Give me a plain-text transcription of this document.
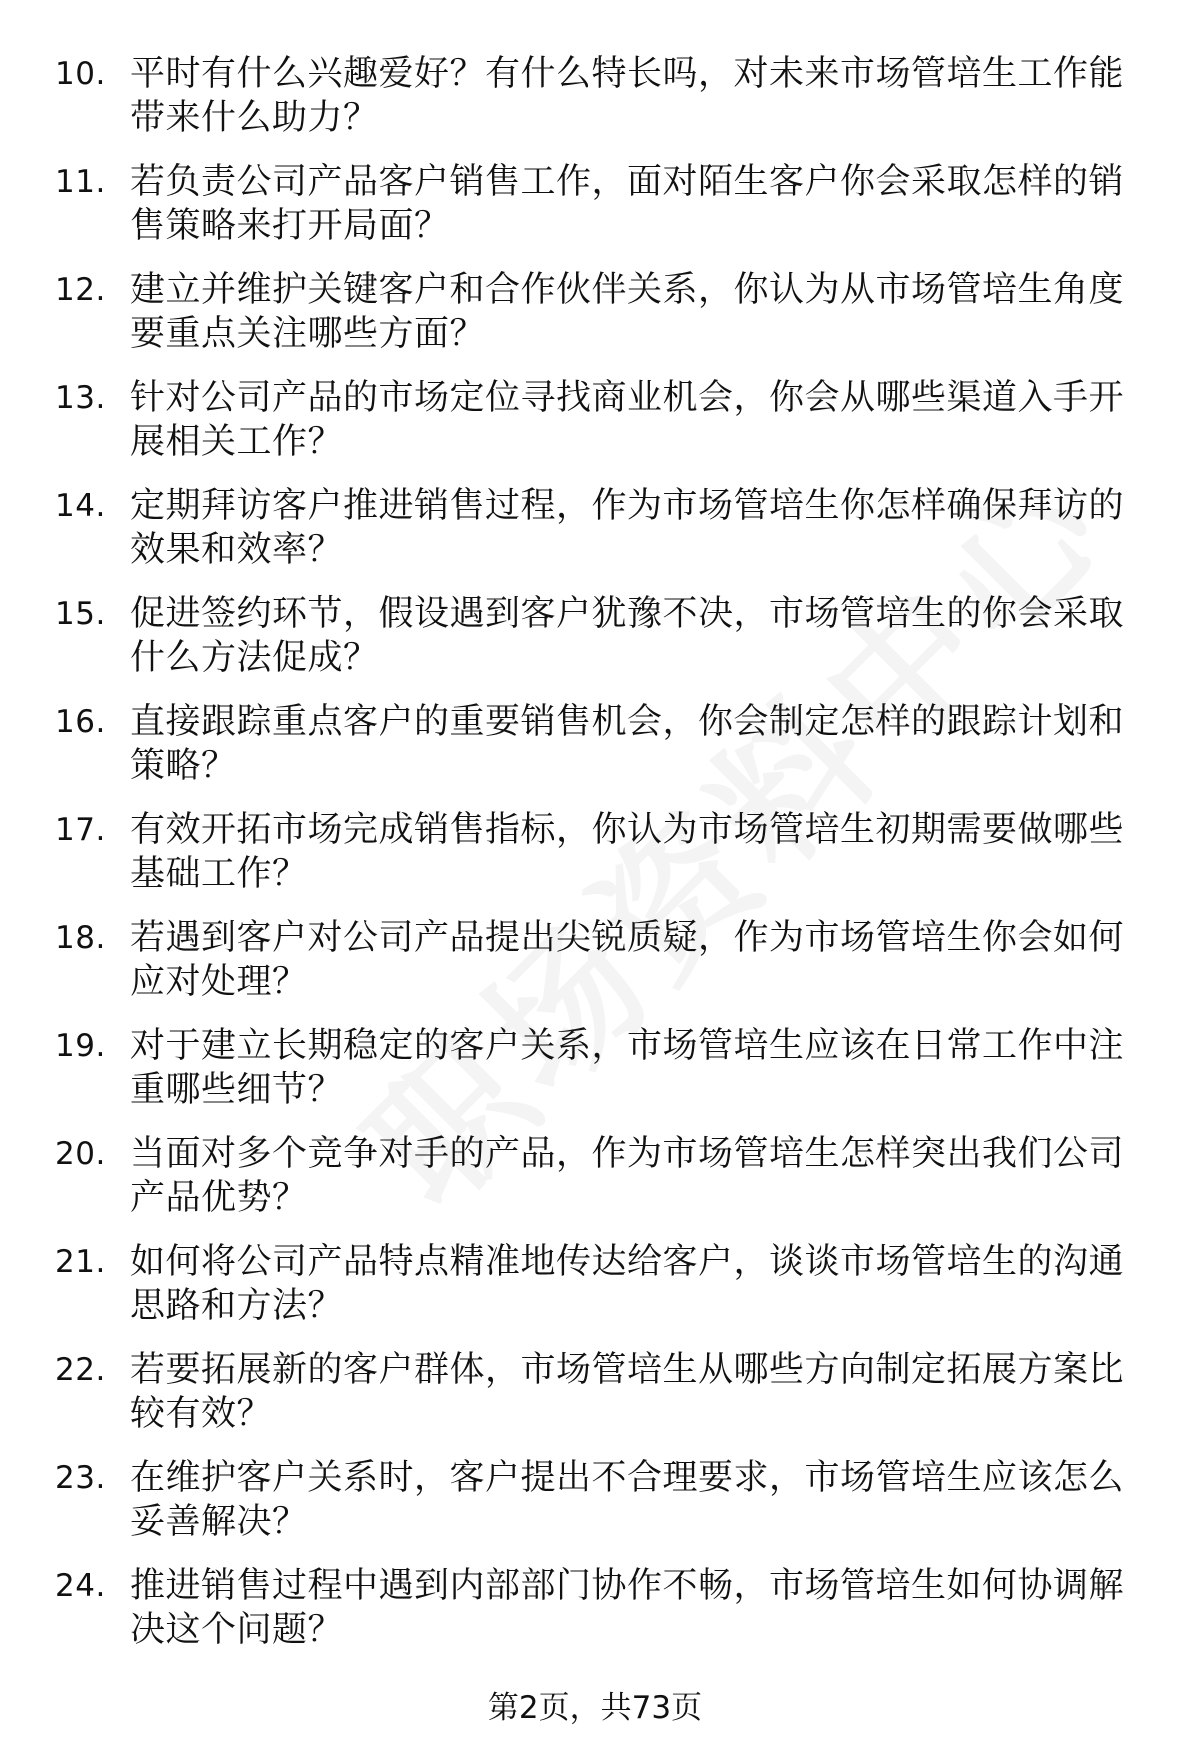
10. 平时有什么兴趣爱好？有什么特长吗，对未来市场管培生工作能带来什么助力？
11. 若负责公司产品客户销售工作，面对陌生客户你会采取怎样的销售策略来打开局面？
12. 建立并维护关键客户和合作伙伴关系，你认为从市场管培生角度要重点关注哪些方面？
13. 针对公司产品的市场定位寻找商业机会，你会从哪些渠道入手开展相关工作？
14. 定期拜访客户推进销售过程，作为市场管培生你怎样确保拜访的效果和效率？
15. 促进签约环节，假设遇到客户犹豫不决，市场管培生的你会采取什么方法促成？
16. 直接跟踪重点客户的重要销售机会，你会制定怎样的跟踪计划和策略？
17. 有效开拓市场完成销售指标，你认为市场管培生初期需要做哪些基础工作？
18. 若遇到客户对公司产品提出尖锐质疑，作为市场管培生你会如何应对处理？
19. 对于建立长期稳定的客户关系，市场管培生应该在日常工作中注重哪些细节？
20. 当面对多个竞争对手的产品，作为市场管培生怎样突出我们公司产品优势？
21. 如何将公司产品特点精准地传达给客户，谈谈市场管培生的沟通思路和方法？
22. 若要拓展新的客户群体，市场管培生从哪些方向制定拓展方案比较有效？
23. 在维护客户关系时，客户提出不合理要求，市场管培生应该怎么妥善解决？
24. 推进销售过程中遇到内部部门协作不畅，市场管培生如何协调解决这个问题？
第2页，共73页
